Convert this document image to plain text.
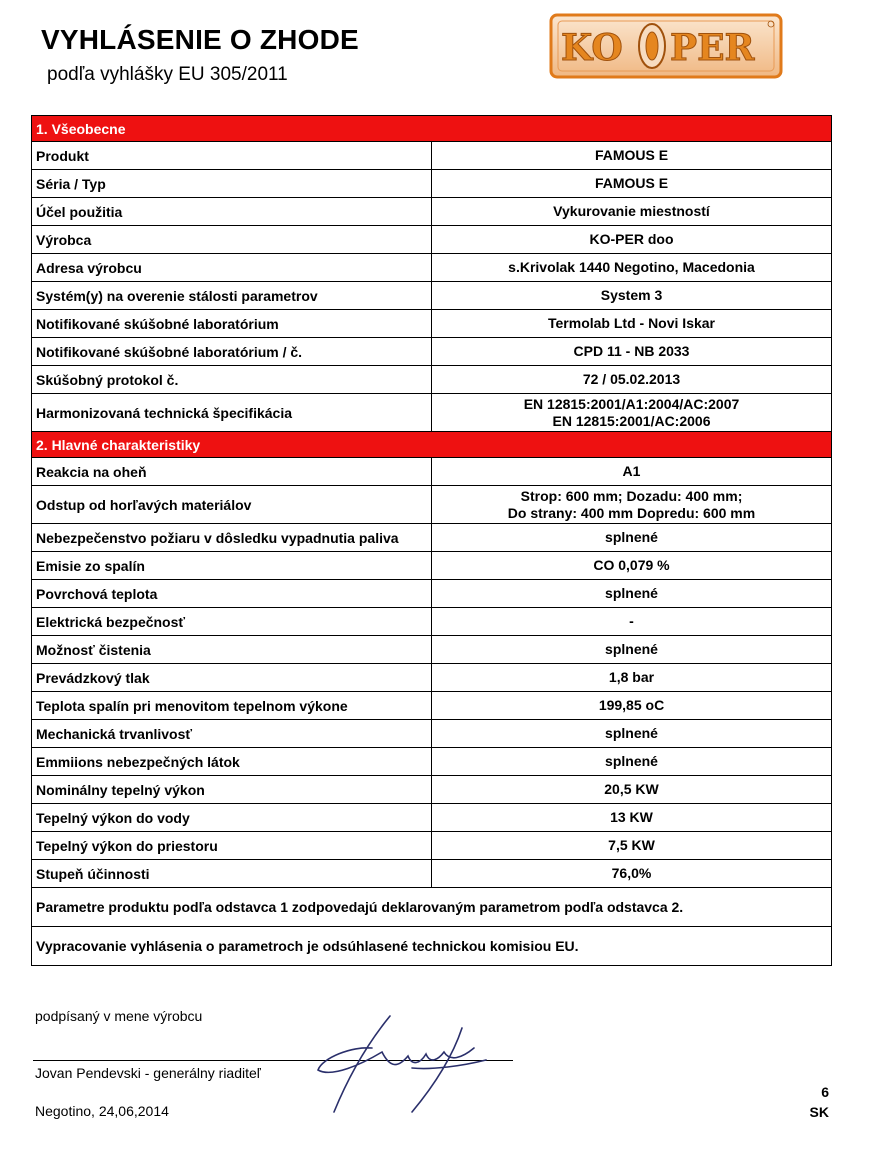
VYHLÁSENIE O ZHODE
podľa vyhlášky EU 305/2011
KO PER
1. Všeobecne	
Produkt	FAMOUS E

Séria / Typ	FAMOUS E

Účel použitia	Vykurovanie miestností

Výrobca	KO-PER doo

Adresa výrobcu	s.Krivolak 1440 Negotino, Macedonia

Systém(y) na overenie stálosti parametrov	System 3

Notifikované skúšobné laboratórium	Termolab Ltd - Novi Iskar

Notifikované skúšobné laboratórium / č.	CPD 11 - NB 2033

Skúšobný protokol č.	72 / 05.02.2013

Harmonizovaná technická špecifikácia	EN 12815:2001/A1:2004/AC:2007
EN 12815:2001/AC:2006

2. Hlavné charakteristiky	
Reakcia na oheň	A1

Odstup od horľavých materiálov	Strop: 600 mm; Dozadu: 400 mm;
Do strany: 400 mm Dopredu: 600 mm

Nebezpečenstvo požiaru v dôsledku vypadnutia paliva	splnené

Emisie zo spalín	CO 0,079 %

Povrchová teplota	splnené

Elektrická bezpečnosť	-

Možnosť čistenia	splnené

Prevádzkový tlak	1,8 bar

Teplota spalín pri menovitom tepelnom výkone	199,85 oC

Mechanická trvanlivosť	splnené

Emmiions nebezpečných látok	splnené

Nominálny tepelný výkon	20,5 KW

Tepelný výkon do vody	13 KW

Tepelný výkon do priestoru	7,5 KW

Stupeň účinnosti	76,0%

Parametre produktu podľa odstavca 1 zodpovedajú deklarovaným parametrom podľa odstavca 2.	
Vypracovanie vyhlásenia o parametroch je odsúhlasené technickou komisiou EU.	
podpísaný v mene výrobcu
Jovan Pendevski - generálny riaditeľ
Negotino, 24,06,2014
6
SK
